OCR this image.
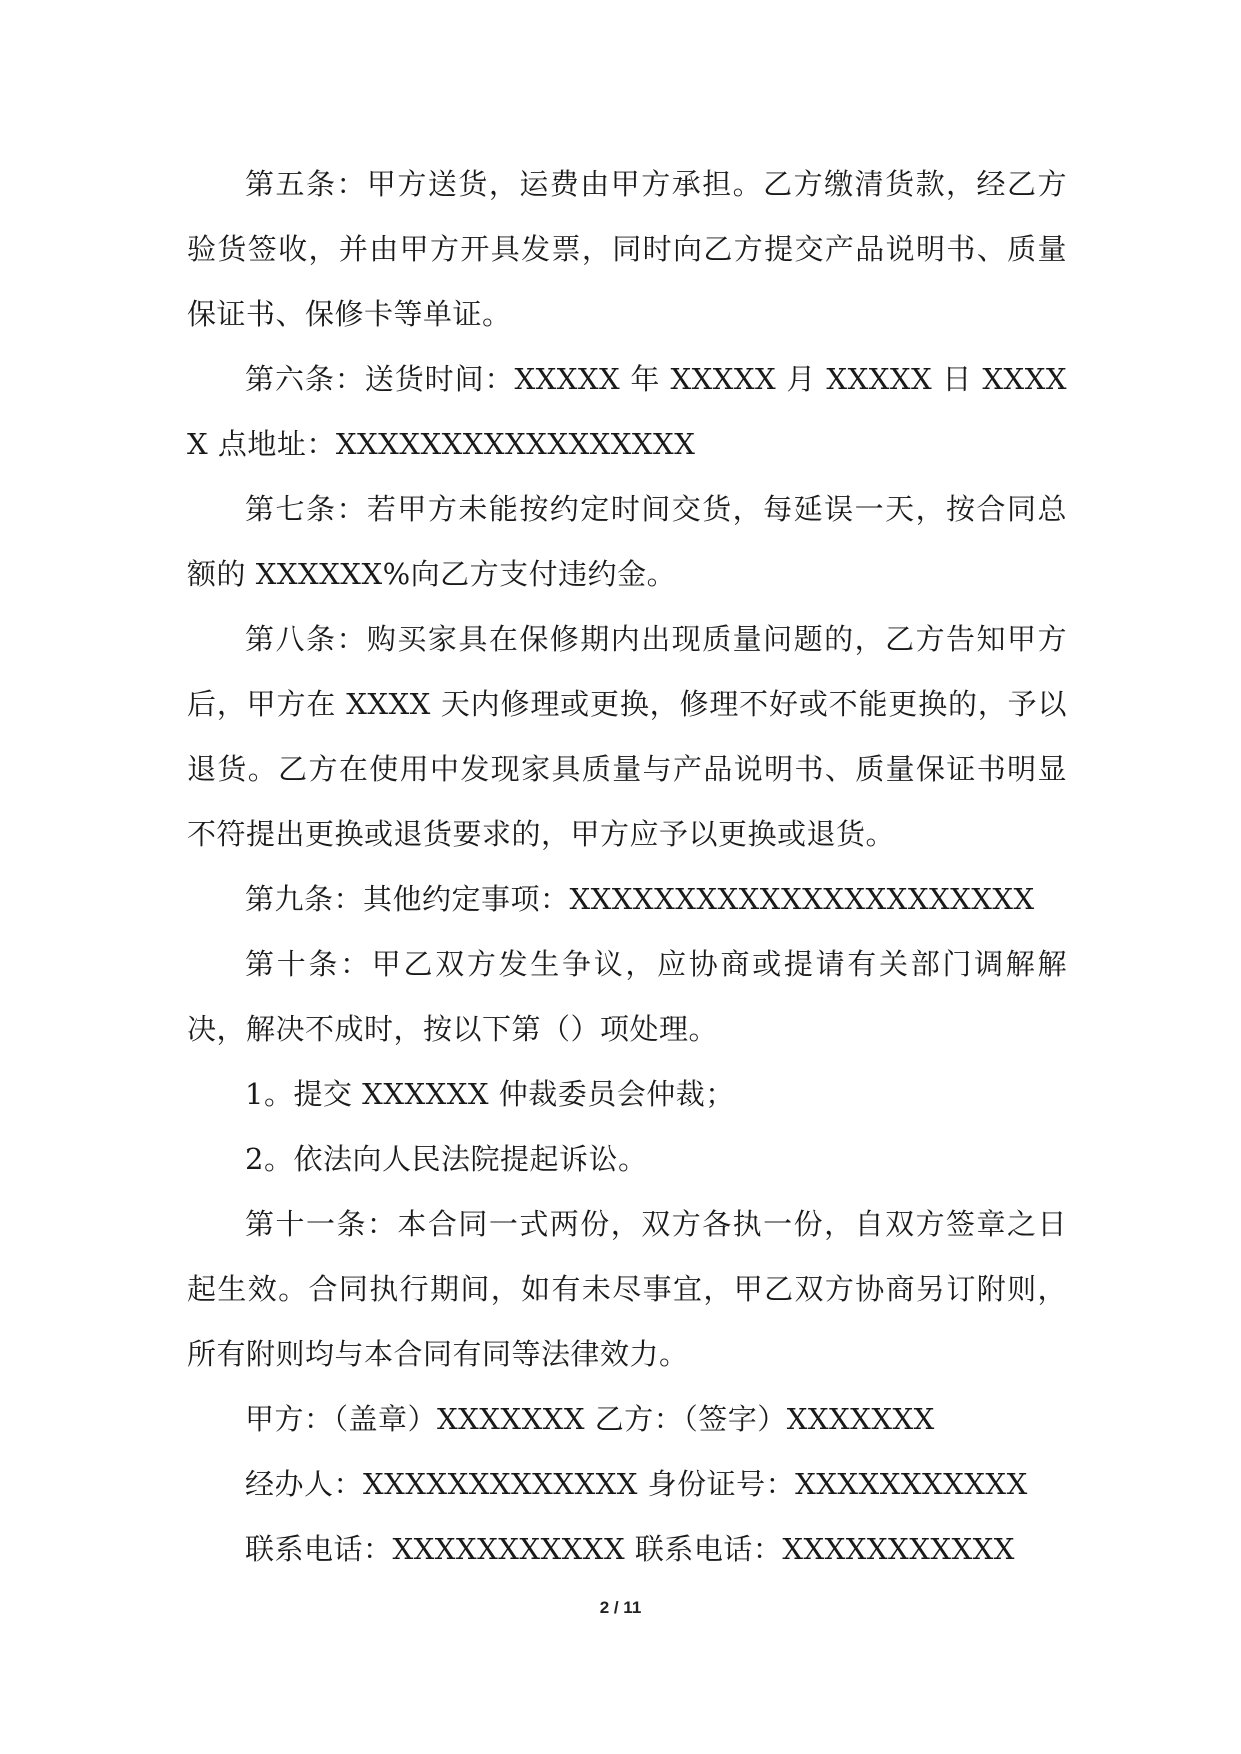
第五条：甲方送货，运费由甲方承担。乙方缴清货款，经乙方验货签收，并由甲方开具发票，同时向乙方提交产品说明书、质量保证书、保修卡等单证。

第六条：送货时间：XXXXX 年 XXXXX 月 XXXXX 日 XXXXX 点地址：XXXXXXXXXXXXXXXXX

第七条：若甲方未能按约定时间交货，每延误一天，按合同总额的 XXXXXX%向乙方支付违约金。

第八条：购买家具在保修期内出现质量问题的，乙方告知甲方后，甲方在 XXXX 天内修理或更换，修理不好或不能更换的，予以退货。乙方在使用中发现家具质量与产品说明书、质量保证书明显不符提出更换或退货要求的，甲方应予以更换或退货。

第九条：其他约定事项：XXXXXXXXXXXXXXXXXXXXXX

第十条：甲乙双方发生争议，应协商或提请有关部门调解解决，解决不成时，按以下第（）项处理。

1。提交 XXXXXX 仲裁委员会仲裁；

2。依法向人民法院提起诉讼。

第十一条：本合同一式两份，双方各执一份，自双方签章之日起生效。合同执行期间，如有未尽事宜，甲乙双方协商另订附则，所有附则均与本合同有同等法律效力。

甲方：（盖章）XXXXXXX 乙方：（签字）XXXXXXX

经办人：XXXXXXXXXXXXX 身份证号：XXXXXXXXXXX

联系电话：XXXXXXXXXXX 联系电话：XXXXXXXXXXX

2 / 11
